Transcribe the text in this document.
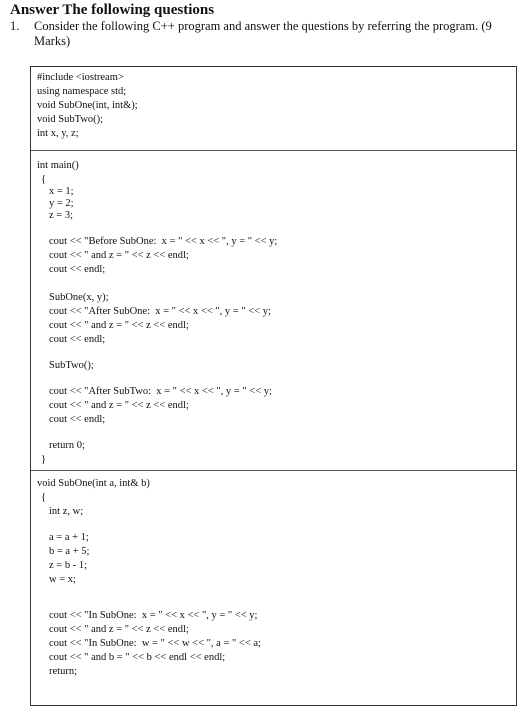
Answer The following questions
1. Consider the following C++ program and answer the questions by referring the program. (9 Marks)
#include <iostream>
using namespace std;
void SubOne(int, int&);
void SubTwo();
int x, y, z;
int main()
{
x = 1;
y = 2;
z = 3;
cout << "Before SubOne:  x = " << x << ", y = " << y;
cout << " and z = " << z << endl;
cout << endl;
SubOne(x, y);
cout << "After SubOne:  x = " << x << ", y = " << y;
cout << " and z = " << z << endl;
cout << endl;
SubTwo();
cout << "After SubTwo:  x = " << x << ", y = " << y;
cout << " and z = " << z << endl;
cout << endl;
return 0;
}
void SubOne(int a, int& b)
{
int z, w;
a = a + 1;
b = a + 5;
z = b - 1;
w = x;
cout << "In SubOne:  x = " << x << ", y = " << y;
cout << " and z = " << z << endl;
cout << "In SubOne:  w = " << w << ", a = " << a;
cout << " and b = " << b << endl << endl;
return;
